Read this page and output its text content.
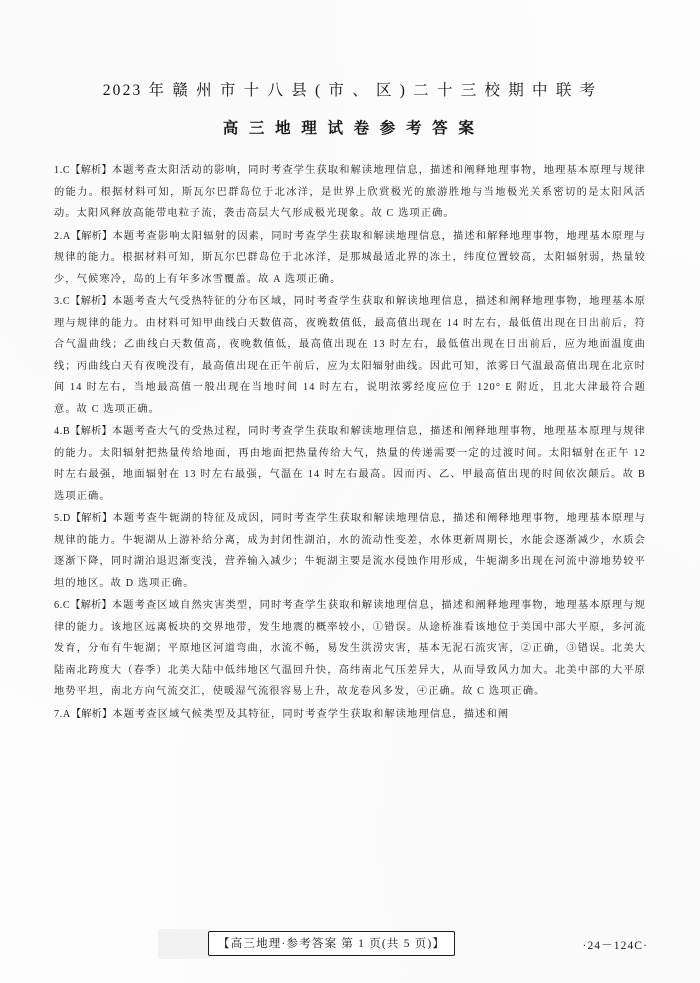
2023 年 赣 州 市 十 八 县 ( 市 、 区 ) 二 十 三 校 期 中 联 考
高 三 地 理 试 卷 参 考 答 案
1.C【解析】本题考查太阳活动的影响，同时考查学生获取和解读地理信息，描述和阐释地理事物，地理基本原理与规律的能力。根据材料可知，斯瓦尔巴群岛位于北冰洋，是世界上欣赏极光的旅游胜地与当地极光关系密切的是太阳风活动。太阳风释放高能带电粒子流，袭击高层大气形成极光现象。故 C 选项正确。
2.A【解析】本题考查影响太阳辐射的因素，同时考查学生获取和解读地理信息，描述和解释地理事物，地理基本原理与规律的能力。根据材料可知，斯瓦尔巴群岛位于北冰洋，是那城最适北界的冻土，纬度位置较高，太阳辐射弱，热量较少，气候寒冷，岛的上有年多冰雪覆盖。故 A 选项正确。
3.C【解析】本题考查大气受热特征的分布区域，同时考查学生获取和解读地理信息，描述和阐释地理事物，地理基本原理与规律的能力。由材料可知甲曲线白天数值高，夜晚数值低，最高值出现在 14 时左右，最低值出现在日出前后，符合气温曲线；乙曲线白天数值高，夜晚数值低，最高值出现在 13 时左右，最低值出现在日出前后，应为地面温度曲线；丙曲线白天有夜晚没有，最高值出现在正午前后，应为太阳辐射曲线。因此可知，浓雾日气温最高值出现在北京时间 14 时左右，当地最高值一般出现在当地时间 14 时左右，说明浓雾经度应位于 120° E 附近，且北大津最符合题意。故 C 选项正确。
4.B【解析】本题考查大气的受热过程，同时考查学生获取和解读地理信息，描述和阐释地理事物，地理基本原理与规律的能力。太阳辐射把热量传给地面，再由地面把热量传给大气，热量的传递需要一定的过渡时间。太阳辐射在正午 12 时左右最强，地面辐射在 13 时左右最强，气温在 14 时左右最高。因而丙、乙、甲最高值出现的时间依次颠后。故 B 选项正确。
5.D【解析】本题考查牛轭湖的特征及成因，同时考查学生获取和解读地理信息，描述和阐释地理事物，地理基本原理与规律的能力。牛轭湖从上游补给分离，成为封闭性湖泊，水的流动性变差，水体更新周期长，水能会逐渐减少，水质会逐渐下降，同时湖泊退迟渐变浅，营养输入减少；牛轭湖主要是流水侵蚀作用形成，牛轭湖多出现在河流中游地势较平坦的地区。故 D 选项正确。
6.C【解析】本题考查区域自然灾害类型，同时考查学生获取和解读地理信息，描述和阐释地理事物，地理基本原理与规律的能力。该地区远离板块的交界地带，发生地震的概率较小，①错误。从途桥准看该地位于美国中部大平原，多河流发育，分布有牛轭湖；平原地区河道弯曲，水流不畅，易发生洪涝灾害，基本无泥石流灾害，②正确，③错误。北美大陆南北跨度大（春季）北美大陆中低纬地区气温回升快，高纬南北气压差异大，从而导致风力加大。北美中部的大平原地势平坦，南北方向气流交汇，使暖湿气流很容易上升，故龙卷风多发，④正确。故 C 选项正确。
7.A【解析】本题考查区域气候类型及其特征，同时考查学生获取和解读地理信息，描述和阐
【高三地理·参考答案 第 1 页(共 5 页)】	·24－124C·
